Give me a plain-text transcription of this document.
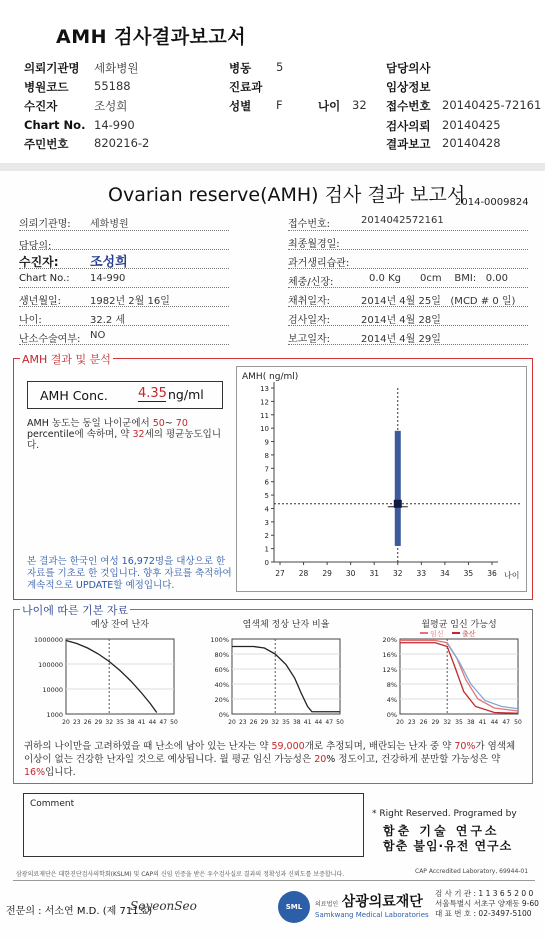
AMH 검사결과보고서
의뢰기관명 세화병원
병원코드 55188
수진자	조성희
Chart No. 14-990
주민번호 820216-2
병동 5
진료과
성별 F	나이 32
담당의사
임상정보
접수번호 20140425-72161
검사의뢰 20140425
결과보고 20140428
Ovarian reserve(AMH) 검사 결과 보고서
2014-0009824
의뢰기관명: 세화병원
담당의:
수진자: 조성희
Chart No.: 14-990
생년월일:	1982년 2월 16일
나이:	32.2 세
난소수술여부: NO
접수번호:	2014042572161
최종월경일:
과거생리습관:
체중/신장:	0.0 Kg      0cm    BMI:   0.00
채취일자:	2014년 4월 25일   (MCD # 0 일)
검사일자:	2014년 4월 28일
보고일자:	2014년 4월 29일
AMH 결과 및 분석
AMH Conc. 4.35 ng/ml
AMH 농도는 동일 나이군에서 50~ 70 percentile에 속하며, 약 32세의 평균농도입니다.
본 결과는 한국인 여성 16,972명을 대상으로 한 자료를 기초로 한 것입니다. 향후 자료를 축적하여 계속적으로 UPDATE할 예정입니다.
AMH( ng/ml)
0
1
2
3
4
5
6
7
8
9
10
11
12
13
27 28 29 30 31 32 33 34 35 36 나이
나이에 따른 기본 자료
예상 잔여 난자
1000000
100000
10000
1000
20 23 26 29 32 35 38 41 44 47 50
염색체 정상 난자 비율
100%
80%
60%
40%
20%
0%
20 23 26 29 32 35 38 41 44 47 50
월평균 임신 가능성
20%
16%
12%
8%
4%
0%
20 23 26 29 32 35 38 41 44 47 50
임신	출산
귀하의 나이만을 고려하였을 때 난소에 남아 있는 난자는 약 59,000개로 추정되며, 배란되는 난자 중 약 70%가 염색체이상이 없는 건강한 난자일 것으로 예상됩니다. 월 평균 임신 가능성은 20% 정도이고, 건강하게 분만할 가능성은 약 16%입니다.
Comment
* Right Reserved. Programed by
함춘 기술 연구소
함춘 불임·유전 연구소
삼광의료재단은 대한진단검사의학회(KSLM) 및 CAP의 신임 인증을 받은 우수검사실로 결과의 정확성과 신뢰도를 보증합니다.	CAP Accredited Laboratory, 69944-01
전문의 : 서소연 M.D. (제 711호)
SoyeonSeo	SML	의료법인 삼광의료재단
Samkwang Medical Laboratories
검 사 기 관 : 1 1 3 6 5 2 0 0
서울특별시 서초구 양재동 9-60
대 표 번 호 : 02-3497-5100
